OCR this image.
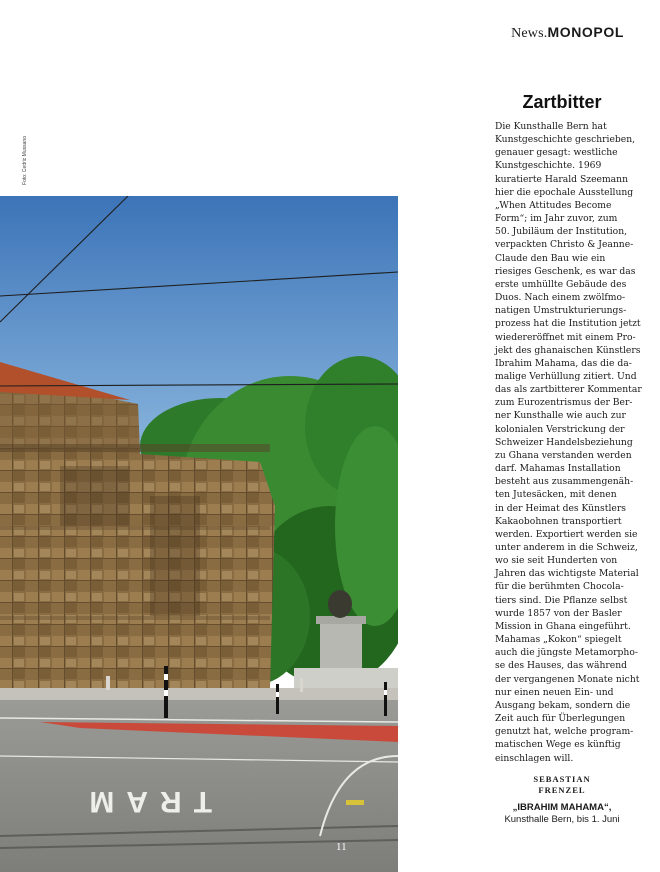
News.MONOPOL
Foto: Cedric Mussano
TRAM
11
Zartbitter
Die Kunsthalle Bern hat
Kunstgeschichte geschrieben,
genauer gesagt: westliche
Kunstgeschichte. 1969
kuratierte Harald Szeemann
hier die epochale Ausstellung
„When Attitudes Become
Form“; im Jahr zuvor, zum
50. Jubiläum der Institution,
verpackten Christo & Jeanne-
Claude den Bau wie ein
riesiges Geschenk, es war das
erste umhüllte Gebäude des
Duos. Nach einem zwölfmo-
natigen Umstrukturierungs-
prozess hat die Institution jetzt
wiedereröffnet mit einem Pro-
jekt des ghanaischen Künstlers
Ibrahim Mahama, das die da-
malige Verhüllung zitiert. Und
das als zartbitterer Kommentar
zum Eurozentrismus der Ber-
ner Kunsthalle wie auch zur
kolonialen Verstrickung der
Schweizer Handelsbeziehung
zu Ghana verstanden werden
darf. Mahamas Installation
besteht aus zusammengenäh-
ten Jutesäcken, mit denen
in der Heimat des Künstlers
Kakaobohnen transportiert
werden. Exportiert werden sie
unter anderem in die Schweiz,
wo sie seit Hunderten von
Jahren das wichtigste Material
für die berühmten Chocola-
tiers sind. Die Pflanze selbst
wurde 1857 von der Basler
Mission in Ghana eingeführt.
Mahamas „Kokon“ spiegelt
auch die jüngste Metamorpho-
se des Hauses, das während
der vergangenen Monate nicht
nur einen neuen Ein- und
Ausgang bekam, sondern die
Zeit auch für Überlegungen
genutzt hat, welche program-
matischen Wege es künftig
einschlagen will.
SEBASTIAN
FRENZEL
„IBRAHIM MAHAMA“,
Kunsthalle Bern, bis 1. Juni
